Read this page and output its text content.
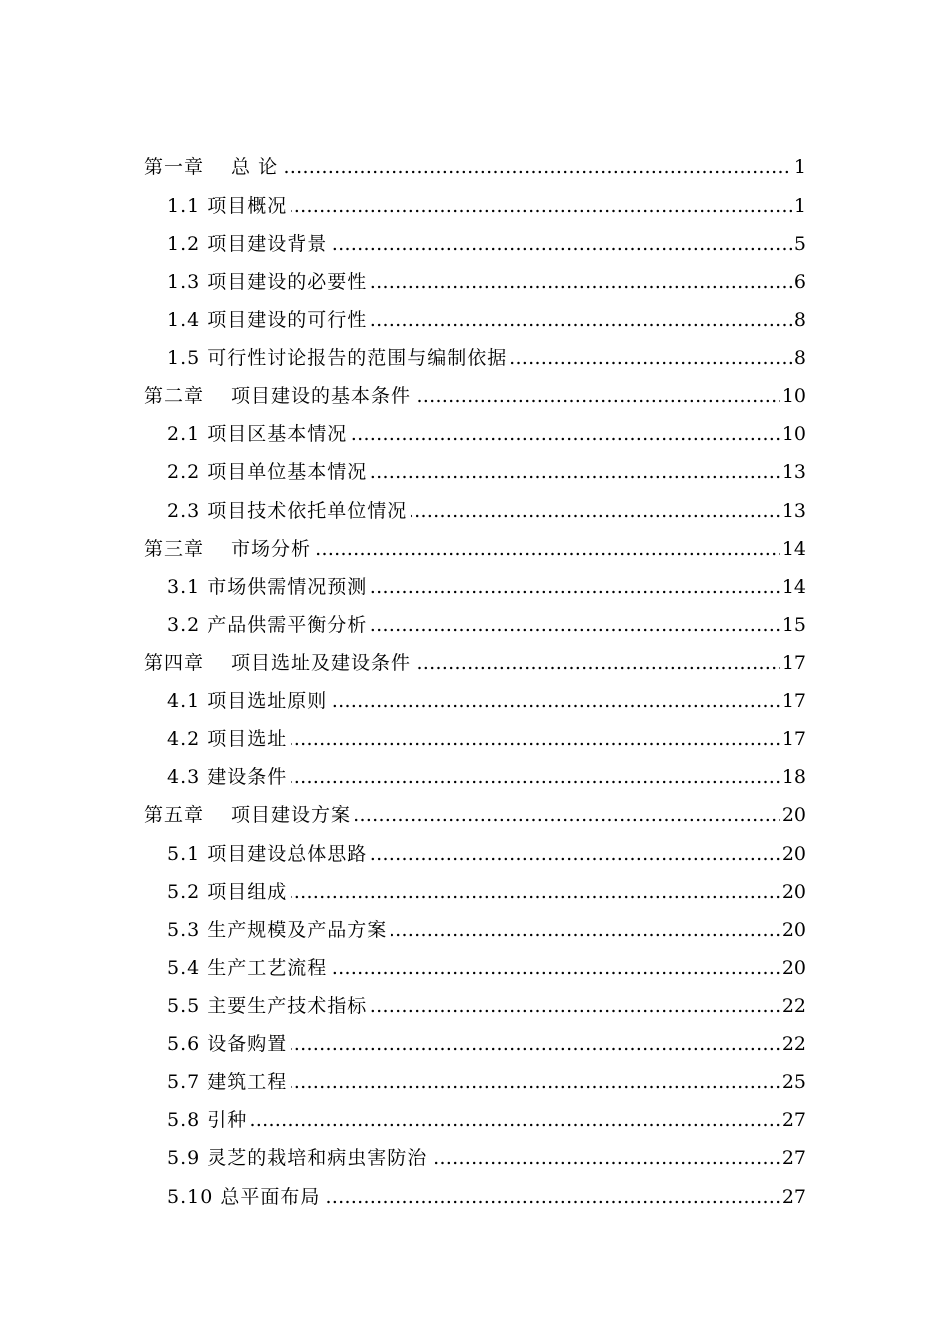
…………………………………………………………………………………………………………………………………………………………………………
第一章　 总 论	1
…………………………………………………………………………………………………………………………………………………………………………
1.1 项目概况	1
…………………………………………………………………………………………………………………………………………………………………………
1.2 项目建设背景	5
…………………………………………………………………………………………………………………………………………………………………………
1.3 项目建设的必要性	6
…………………………………………………………………………………………………………………………………………………………………………
1.4 项目建设的可行性	8
…………………………………………………………………………………………………………………………………………………………………………
1.5 可行性讨论报告的范围与编制依据	8
…………………………………………………………………………………………………………………………………………………………………………
第二章　 项目建设的基本条件	10
…………………………………………………………………………………………………………………………………………………………………………
2.1 项目区基本情况	10
…………………………………………………………………………………………………………………………………………………………………………
2.2 项目单位基本情况	13
…………………………………………………………………………………………………………………………………………………………………………
2.3 项目技术依托单位情况	13
…………………………………………………………………………………………………………………………………………………………………………
第三章　 市场分析	14
…………………………………………………………………………………………………………………………………………………………………………
3.1 市场供需情况预测	14
…………………………………………………………………………………………………………………………………………………………………………
3.2 产品供需平衡分析	15
…………………………………………………………………………………………………………………………………………………………………………
第四章　 项目选址及建设条件	17
…………………………………………………………………………………………………………………………………………………………………………
4.1 项目选址原则	17
…………………………………………………………………………………………………………………………………………………………………………
4.2 项目选址	17
…………………………………………………………………………………………………………………………………………………………………………
4.3 建设条件	18
…………………………………………………………………………………………………………………………………………………………………………
第五章　 项目建设方案	20
…………………………………………………………………………………………………………………………………………………………………………
5.1 项目建设总体思路	20
…………………………………………………………………………………………………………………………………………………………………………
5.2 项目组成	20
…………………………………………………………………………………………………………………………………………………………………………
5.3 生产规模及产品方案	20
…………………………………………………………………………………………………………………………………………………………………………
5.4 生产工艺流程	20
…………………………………………………………………………………………………………………………………………………………………………
5.5 主要生产技术指标	22
…………………………………………………………………………………………………………………………………………………………………………
5.6 设备购置	22
…………………………………………………………………………………………………………………………………………………………………………
5.7 建筑工程	25
…………………………………………………………………………………………………………………………………………………………………………
5.8 引种	27
…………………………………………………………………………………………………………………………………………………………………………
5.9 灵芝的栽培和病虫害防治	27
…………………………………………………………………………………………………………………………………………………………………………
5.10 总平面布局	27
